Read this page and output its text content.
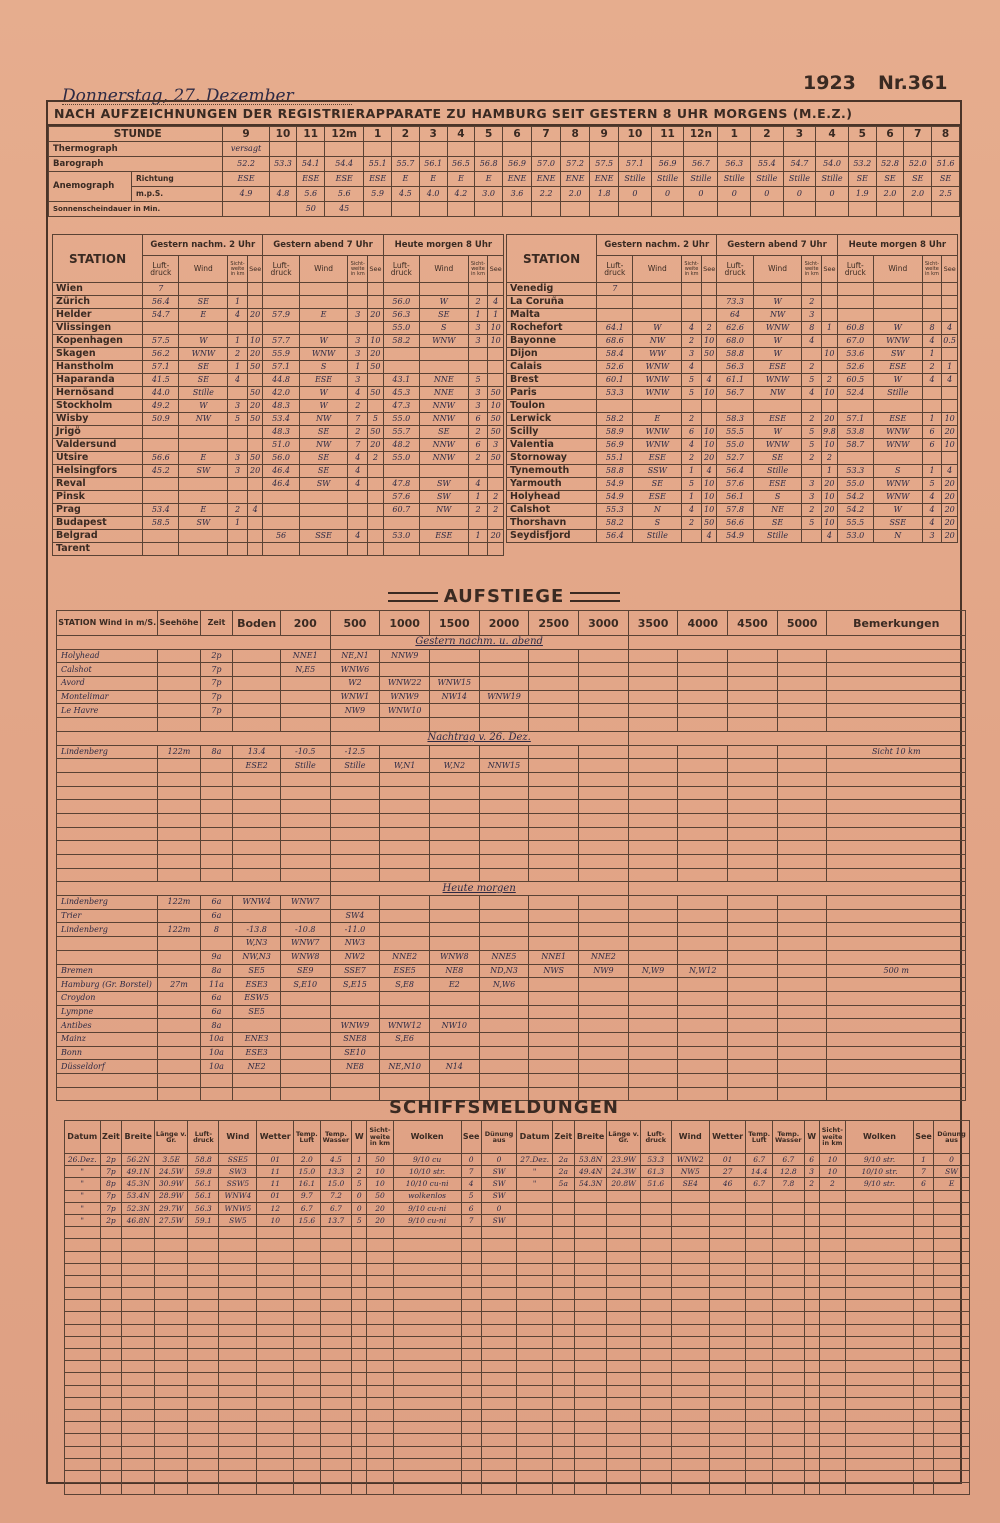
Donnerstag, 27. Dezember
1923 Nr.361
NACH AUFZEICHNUNGEN DER REGISTRIERAPPARATE ZU HAMBURG SEIT GESTERN 8 UHR MORGENS (M.E.Z.)
STUNDE		9	10	11	12m	1	2	3	4	5	6	7	8	9	10	11	12n	1	2	3	4	5	6	7	8
Thermograph		versagt																							
Barograph		52.2	53.3	54.1	54.4	55.1	55.7	56.1	56.5	56.8	56.9	57.0	57.2	57.5	57.1	56.9	56.7	56.3	55.4	54.7	54.0	53.2	52.8	52.0	51.6
Anemograph	Richtung	ESE		ESE	ESE	ESE	E	E	E	E	ENE	ENE	ENE	ENE	Stille	Stille	Stille	Stille	Stille	Stille	Stille	SE	SE	SE	SE
	m.p.S.	4.9	4.8	5.6	5.6	5.9	4.5	4.0	4.2	3.0	3.6	2.2	2.0	1.8	0	0	0	0	0	0	0	1.9	2.0	2.0	2.5
Sonnenscheindauer in Min.				50	45																				
STATION	Gestern nachm. 2 Uhr				Gestern abend 7 Uhr				Heute morgen 8 Uhr			
	Luft-druck	Wind	Sicht-weite in km	See	Luft-druck	Wind	Sicht-weite in km	See	Luft-druck	Wind	Sicht-weite in km	See
Wien	7											
Zürich	56.4	SE	1						56.0	W	2	4
Helder	54.7	E	4	20	57.9	E	3	20	56.3	SE	1	1
Vlissingen									55.0	S	3	10
Kopenhagen	57.5	W	1	10	57.7	W	3	10	58.2	WNW	3	10
Skagen	56.2	WNW	2	20	55.9	WNW	3	20				
Hanstholm	57.1	SE	1	50	57.1	S	1	50				
Haparanda	41.5	SE	4		44.8	ESE	3		43.1	NNE	5	
Hernösand	44.0	Stille		50	42.0	W	4	50	45.3	NNE	3	50
Stockholm	49.2	W	3	20	48.3	W	2		47.3	NNW	3	10
Wisby	50.9	NW	5	50	53.4	NW	7	5	55.0	NNW	6	50
Jrigö					48.3	SE	2	50	55.7	SE	2	50
Valdersund					51.0	NW	7	20	48.2	NNW	6	3
Utsire	56.6	E	3	50	56.0	SE	4	2	55.0	NNW	2	50
Helsingfors	45.2	SW	3	20	46.4	SE	4					
Reval					46.4	SW	4		47.8	SW	4	
Pinsk									57.6	SW	1	2
Prag	53.4	E	2	4					60.7	NW	2	2
Budapest	58.5	SW	1									
Belgrad					56	SSE	4		53.0	ESE	1	20
Tarent												
STATION	Gestern nachm. 2 Uhr				Gestern abend 7 Uhr				Heute morgen 8 Uhr			
	Luft-druck	Wind	Sicht-weite in km	See	Luft-druck	Wind	Sicht-weite in km	See	Luft-druck	Wind	Sicht-weite in km	See
Venedig	7											
La Coruña					73.3	W	2					
Malta					64	NW	3					
Rochefort	64.1	W	4	2	62.6	WNW	8	1	60.8	W	8	4
Bayonne	68.6	NW	2	10	68.0	W	4		67.0	WNW	4	0.5
Dijon	58.4	WW	3	50	58.8	W		10	53.6	SW	1	
Calais	52.6	WNW	4		56.3	ESE	2		52.6	ESE	2	1
Brest	60.1	WNW	5	4	61.1	WNW	5	2	60.5	W	4	4
Paris	53.3	WNW	5	10	56.7	NW	4	10	52.4	Stille		
Toulon												
Lerwick	58.2	E	2		58.3	ESE	2	20	57.1	ESE	1	10
Scilly	58.9	WNW	6	10	55.5	W	5	9.8	53.8	WNW	6	20
Valentia	56.9	WNW	4	10	55.0	WNW	5	10	58.7	WNW	6	10
Stornoway	55.1	ESE	2	20	52.7	SE	2	2				
Tynemouth	58.8	SSW	1	4	56.4	Stille		1	53.3	S	1	4
Yarmouth	54.9	SE	5	10	57.6	ESE	3	20	55.0	WNW	5	20
Holyhead	54.9	ESE	1	10	56.1	S	3	10	54.2	WNW	4	20
Calshot	55.3	N	4	10	57.8	NE	2	20	54.2	W	4	20
Thorshavn	58.2	S	2	50	56.6	SE	5	10	55.5	SSE	4	20
Seydisfjord	56.4	Stille		4	54.9	Stille		4	53.0	N	3	20
AUFSTIEGE
STATION Wind in m/S.	Seehöhe	Zeit	Boden	200	500	1000	1500	2000	2500	3000	3500	4000	4500	5000	Bemerkungen
					Gestern nachm. u. abend										
Holyhead		2p		NNE1	NE,N1	NNW9									
Calshot		7p		N,E5	WNW6										
Avord		7p			W2	WNW22	WNW15								
Montelimar		7p			WNW1	WNW9	NW14	WNW19							
Le Havre		7p			NW9	WNW10									

					Nachtrag v. 26. Dez.										
Lindenberg	122m	8a	13.4	-10.5	-12.5										Sicht 10 km
			ESE2	Stille	Stille	W,N1	W,N2	NNW15							

					Heute morgen										
Lindenberg	122m	6a	WNW4	WNW7											
Trier		6a			SW4										
Lindenberg	122m	8	-13.8	-10.8	-11.0										
			W,N3	WNW7	NW3										
		9a	NW,N3	WNW8	NW2	NNE2	WNW8	NNE5	NNE1	NNE2					
Bremen		8a	SE5	SE9	SSE7	ESE5	NE8	ND,N3	NWS	NW9	N,W9	N,W12			500 m
Hamburg (Gr. Borstel)	27m	11a	ESE3	S,E10	S,E15	S,E8	E2	N,W6							
Croydon		6a	ESW5												
Lympne		6a	SE5												
Antibes		8a			WNW9	WNW12	NW10								
Mainz		10a	ENE3		SNE8	S,E6									
Bonn		10a	ESE3		SE10										
Düsseldorf		10a	NE2		NE8	NE,N10	N14								

SCHIFFSMELDUNGEN
Datum	Zeit	Breite	Länge v. Gr.	Luft-druck	Wind	Wetter	Temp. Luft	Temp. Wasser	W	Sicht-weite in km	Wolken	See	Dünung aus	Datum	Zeit	Breite	Länge v. Gr.	Luft-druck	Wind	Wetter	Temp. Luft	Temp. Wasser	W	Sicht-weite in km	Wolken	See	Dünung aus
26.Dez.	2p	56.2N	3.5E	58.8	SSE5	01	2.0	4.5	1	50	9/10 cu	0	0	27.Dez.	2a	53.8N	23.9W	53.3	WNW2	01	6.7	6.7	6	10	9/10 str.	1	0
"	7p	49.1N	24.5W	59.8	SW3	11	15.0	13.3	2	10	10/10 str.	7	SW	"	2a	49.4N	24.3W	61.3	NW5	27	14.4	12.8	3	10	10/10 str.	7	SW
"	8p	45.3N	30.9W	56.1	SSW5	11	16.1	15.0	5	10	10/10 cu-ni	4	SW	"	5a	54.3N	20.8W	51.6	SE4	46	6.7	7.8	2	2	9/10 str.	6	E
"	7p	53.4N	28.9W	56.1	WNW4	01	9.7	7.2	0	50	wolkenlos	5	SW														
"	7p	52.3N	29.7W	56.3	WNW5	12	6.7	6.7	0	20	9/10 cu-ni	6	0														
"	2p	46.8N	27.5W	59.1	SW5	10	15.6	13.7	5	20	9/10 cu-ni	7	SW														
